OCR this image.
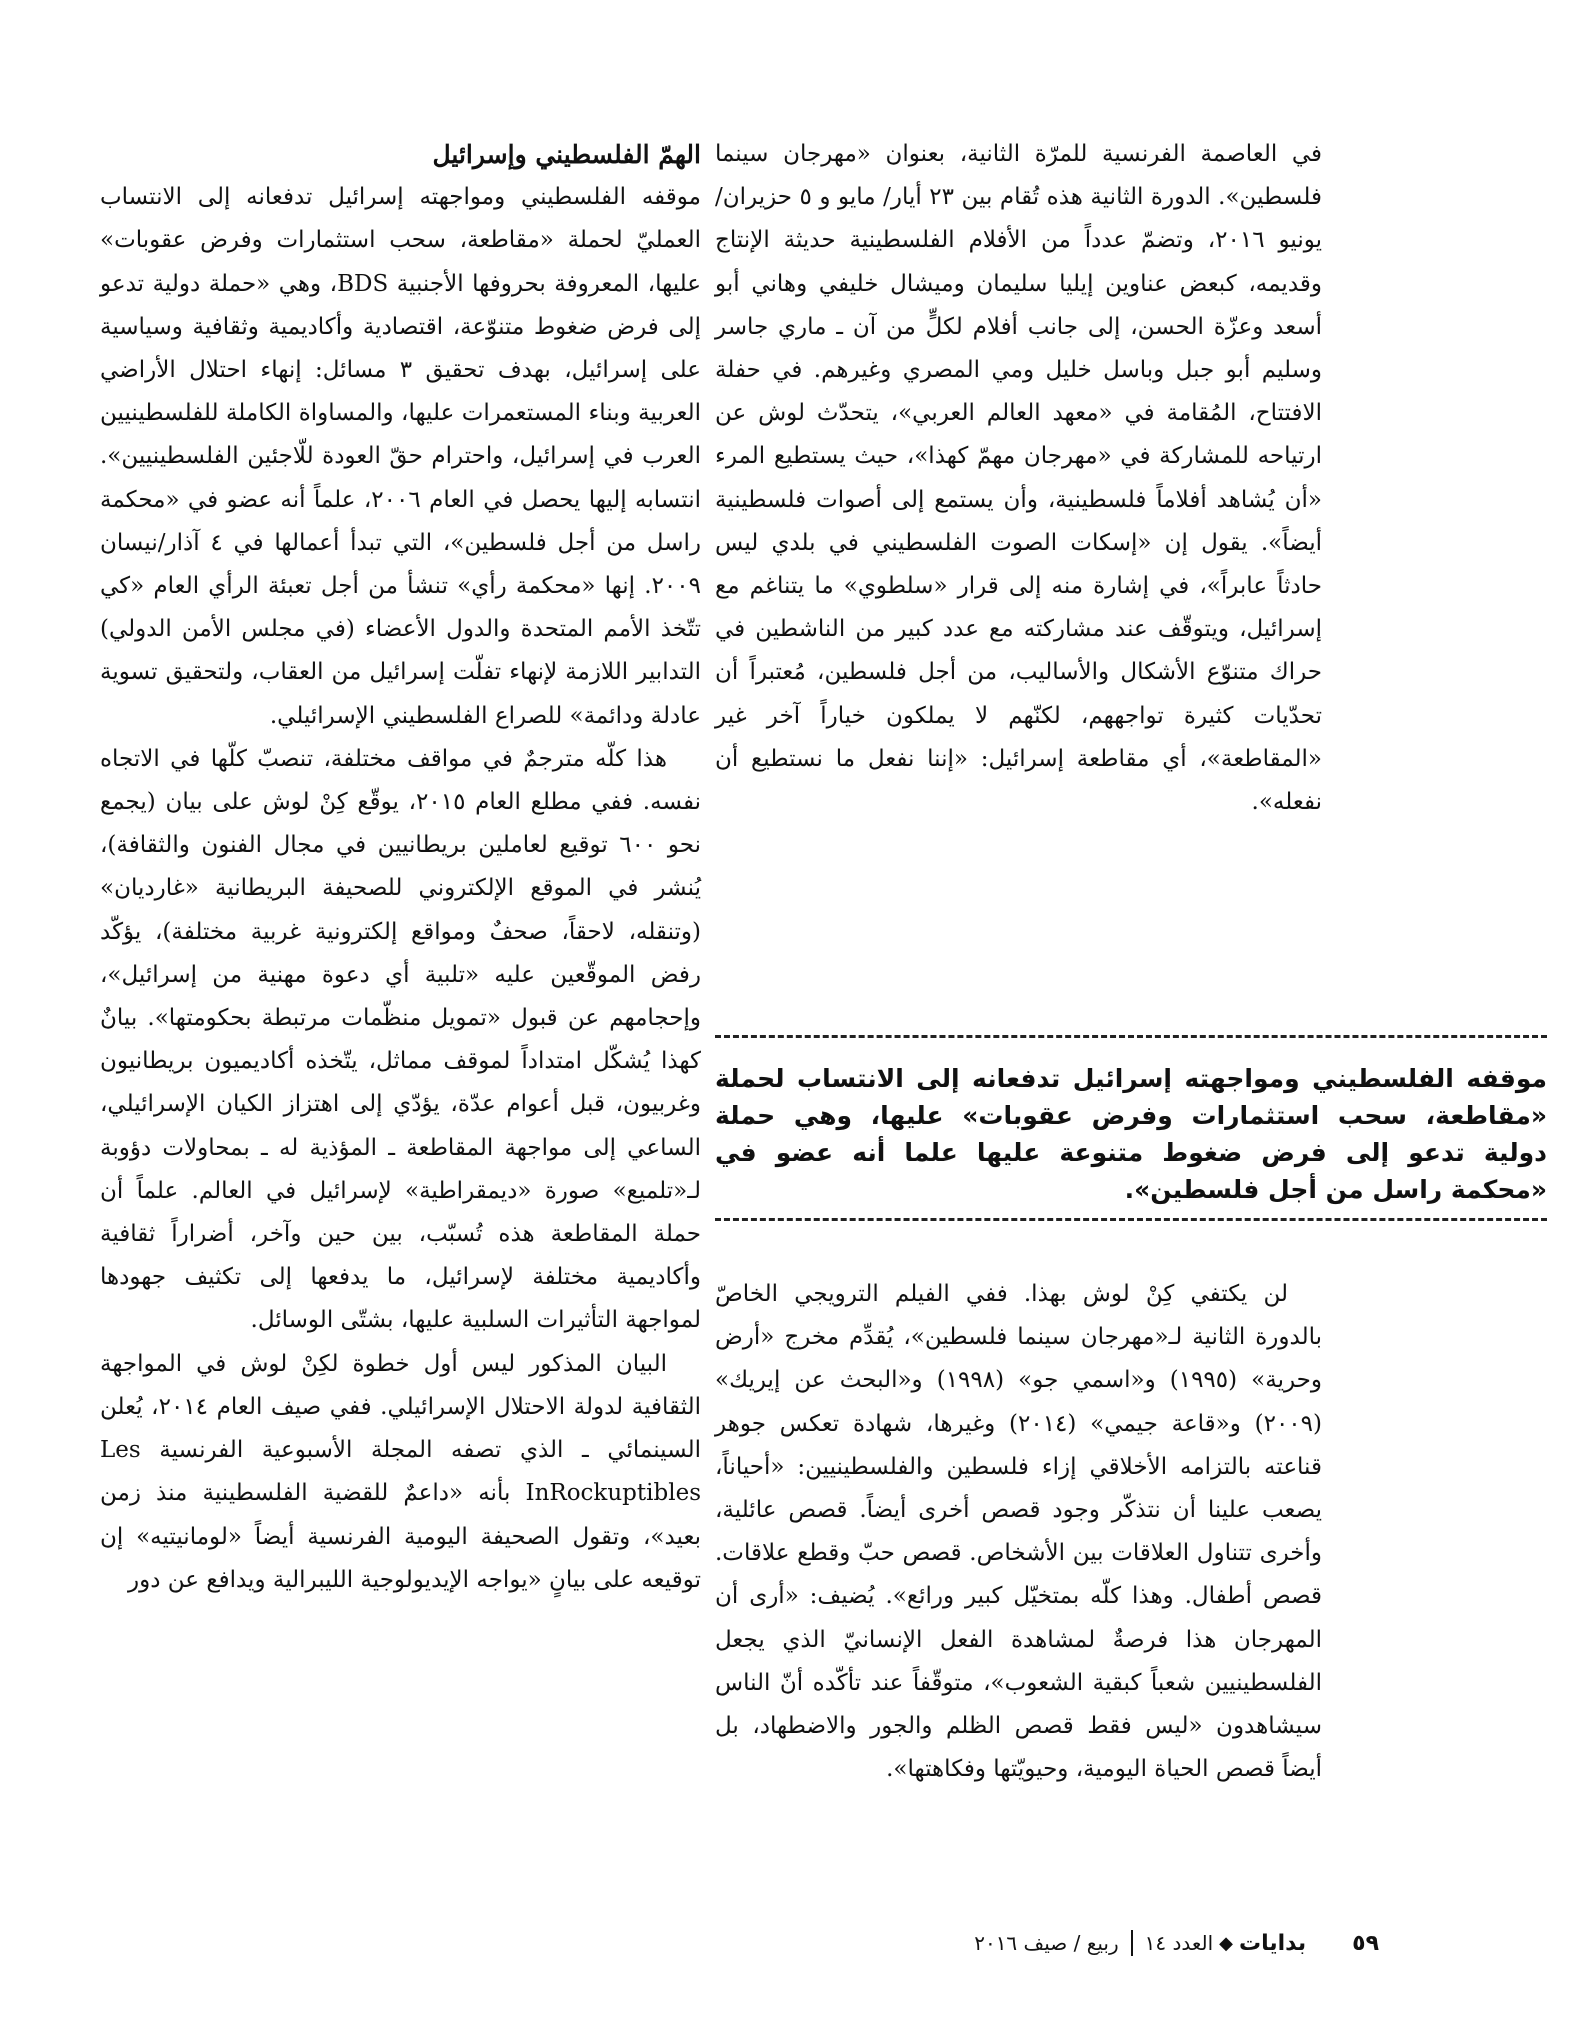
في العاصمة الفرنسية للمرّة الثانية، بعنوان «مهرجان سينما فلسطين». الدورة الثانية هذه تُقام بين ٢٣ أيار/ مايو و ٥ حزيران/يونيو ٢٠١٦، وتضمّ عدداً من الأفلام الفلسطينية حديثة الإنتاج وقديمه، كبعض عناوين إيليا سليمان وميشال خليفي وهاني أبو أسعد وعزّة الحسن، إلى جانب أفلام لكلٍّ من آن ـ ماري جاسر وسليم أبو جبل وباسل خليل ومي المصري وغيرهم. في حفلة الافتتاح، المُقامة في «معهد العالم العربي»، يتحدّث لوش عن ارتياحه للمشاركة في «مهرجان مهمّ كهذا»، حيث يستطيع المرء «أن يُشاهد أفلاماً فلسطينية، وأن يستمع إلى أصوات فلسطينية أيضاً». يقول إن «إسكات الصوت الفلسطيني في بلدي ليس حادثاً عابراً»، في إشارة منه إلى قرار «سلطوي» ما يتناغم مع إسرائيل، ويتوقّف عند مشاركته مع عدد كبير من الناشطين في حراك متنوّع الأشكال والأساليب، من أجل فلسطين، مُعتبراً أن تحدّيات كثيرة تواجههم، لكنّهم لا يملكون خياراً آخر غير «المقاطعة»، أي مقاطعة إسرائيل: «إننا نفعل ما نستطيع أن نفعله».

موقفه الفلسطيني ومواجهته إسرائيل تدفعانه إلى الانتساب لحملة «مقاطعة، سحب استثمارات وفرض عقوبات» عليها، وهي حملة دولية تدعو إلى فرض ضغوط متنوعة عليها علما أنه عضو في «محكمة راسل من أجل فلسطين».

لن يكتفي كِنْ لوش بهذا. ففي الفيلم الترويجي الخاصّ بالدورة الثانية لـ«مهرجان سينما فلسطين»، يُقدِّم مخرج «أرض وحرية» (١٩٩٥) و«اسمي جو» (١٩٩٨) و«البحث عن إيريك» (٢٠٠٩) و«قاعة جيمي» (٢٠١٤) وغيرها، شهادة تعكس جوهر قناعته بالتزامه الأخلاقي إزاء فلسطين والفلسطينيين: «أحياناً، يصعب علينا أن نتذكّر وجود قصص أخرى أيضاً. قصص عائلية، وأخرى تتناول العلاقات بين الأشخاص. قصص حبّ وقطع علاقات. قصص أطفال. وهذا كلّه بمتخيّل كبير ورائع». يُضيف: «أرى أن المهرجان هذا فرصةٌ لمشاهدة الفعل الإنسانيّ الذي يجعل الفلسطينيين شعباً كبقية الشعوب»، متوقّفاً عند تأكّده أنّ الناس سيشاهدون «ليس فقط قصص الظلم والجور والاضطهاد، بل أيضاً قصص الحياة اليومية، وحيويّتها وفكاهتها».

الهمّ الفلسطيني وإسرائيل

موقفه الفلسطيني ومواجهته إسرائيل تدفعانه إلى الانتساب العمليّ لحملة «مقاطعة، سحب استثمارات وفرض عقوبات» عليها، المعروفة بحروفها الأجنبية BDS، وهي «حملة دولية تدعو إلى فرض ضغوط متنوّعة، اقتصادية وأكاديمية وثقافية وسياسية على إسرائيل، بهدف تحقيق ٣ مسائل: إنهاء احتلال الأراضي العربية وبناء المستعمرات عليها، والمساواة الكاملة للفلسطينيين العرب في إسرائيل، واحترام حقّ العودة للّاجئين الفلسطينيين». انتسابه إليها يحصل في العام ٢٠٠٦، علماً أنه عضو في «محكمة راسل من أجل فلسطين»، التي تبدأ أعمالها في ٤ آذار/نيسان ٢٠٠٩. إنها «محكمة رأي» تنشأ من أجل تعبئة الرأي العام «كي تتّخذ الأمم المتحدة والدول الأعضاء (في مجلس الأمن الدولي) التدابير اللازمة لإنهاء تفلّت إسرائيل من العقاب، ولتحقيق تسوية عادلة ودائمة» للصراع الفلسطيني الإسرائيلي.

هذا كلّه مترجمٌ في مواقف مختلفة، تنصبّ كلّها في الاتجاه نفسه. ففي مطلع العام ٢٠١٥، يوقّع كِنْ لوش على بيان (يجمع نحو ٦٠٠ توقيع لعاملين بريطانيين في مجال الفنون والثقافة)، يُنشر في الموقع الإلكتروني للصحيفة البريطانية «غارديان» (وتنقله، لاحقاً، صحفٌ ومواقع إلكترونية غربية مختلفة)، يؤكّد رفض الموقّعين عليه «تلبية أي دعوة مهنية من إسرائيل»، وإحجامهم عن قبول «تمويل منظّمات مرتبطة بحكومتها». بيانٌ كهذا يُشكّل امتداداً لموقف مماثل، يتّخذه أكاديميون بريطانيون وغربيون، قبل أعوام عدّة، يؤدّي إلى اهتزاز الكيان الإسرائيلي، الساعي إلى مواجهة المقاطعة ـ المؤذية له ـ بمحاولات دؤوبة لـ«تلميع» صورة «ديمقراطية» لإسرائيل في العالم. علماً أن حملة المقاطعة هذه تُسبّب، بين حين وآخر، أضراراً ثقافية وأكاديمية مختلفة لإسرائيل، ما يدفعها إلى تكثيف جهودها لمواجهة التأثيرات السلبية عليها، بشتّى الوسائل.

البيان المذكور ليس أول خطوة لكِنْ لوش في المواجهة الثقافية لدولة الاحتلال الإسرائيلي. ففي صيف العام ٢٠١٤، يُعلن السينمائي ـ الذي تصفه المجلة الأسبوعية الفرنسية Les InRockuptibles بأنه «داعمٌ للقضية الفلسطينية منذ زمن بعيد»، وتقول الصحيفة اليومية الفرنسية أيضاً «لومانيتيه» إن توقيعه على بيانٍ «يواجه الإيديولوجية الليبرالية ويدافع عن دور

٥٩
بدايات
◆
العدد ١٤
ربيع / صيف ٢٠١٦
